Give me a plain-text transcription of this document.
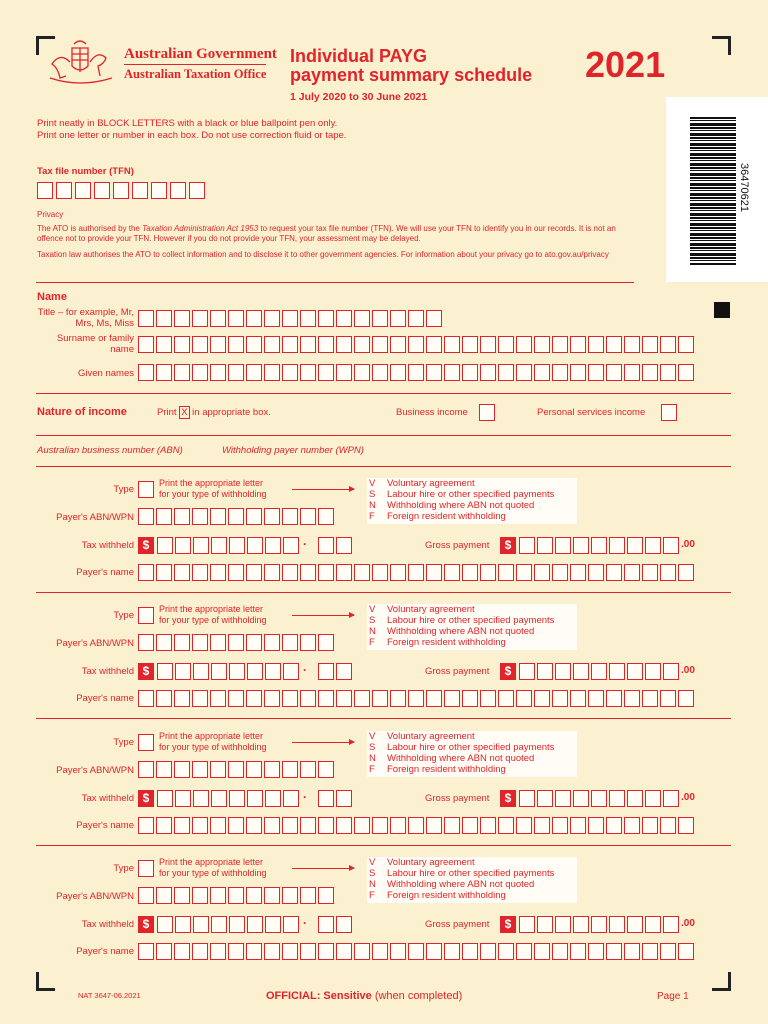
Australian Government
Australian Taxation Office
Individual PAYG
payment summary schedule
1 July 2020 to 30 June 2021
2021
Print neatly in BLOCK LETTERS with a black or blue ballpoint pen only.
Print one letter or number in each box. Do not use correction fluid or tape.
36470621
Tax file number (TFN)
Privacy
The ATO is authorised by the Taxation Administration Act 1953 to request your tax file number (TFN). We will use your TFN to identify you in our records. It is not an offence not to provide your TFN. However if you do not provide your TFN, your assessment may be delayed.
Taxation law authorises the ATO to collect information and to disclose it to other government agencies. For information about your privacy go to ato.gov.au/privacy
Name
Title – for example, Mr, Mrs, Ms, Miss
Surname or family name
Given names
Nature of income	Print X in appropriate box.	Business income	Personal services income
Australian business number (ABN)	Withholding payer number (WPN)
Type
Print the appropriate letter
for your type of withholding
V Voluntary agreement
S Labour hire or other specified payments
N Withholding where ABN not quoted
F Foreign resident withholding
Payer's ABN/WPN
Tax withheld $	·	Gross payment	$	.00
Payer's name
Type
Print the appropriate letter
for your type of withholding
V Voluntary agreement
S Labour hire or other specified payments
N Withholding where ABN not quoted
F Foreign resident withholding
Payer's ABN/WPN
Tax withheld $	·	Gross payment	$	.00
Payer's name
Type
Print the appropriate letter
for your type of withholding
V Voluntary agreement
S Labour hire or other specified payments
N Withholding where ABN not quoted
F Foreign resident withholding
Payer's ABN/WPN
Tax withheld $	·	Gross payment	$	.00
Payer's name
Type
Print the appropriate letter
for your type of withholding
V Voluntary agreement
S Labour hire or other specified payments
N Withholding where ABN not quoted
F Foreign resident withholding
Payer's ABN/WPN
Tax withheld $	·	Gross payment	$	.00
Payer's name
NAT 3647-06.2021	OFFICIAL: Sensitive (when completed)	Page 1
